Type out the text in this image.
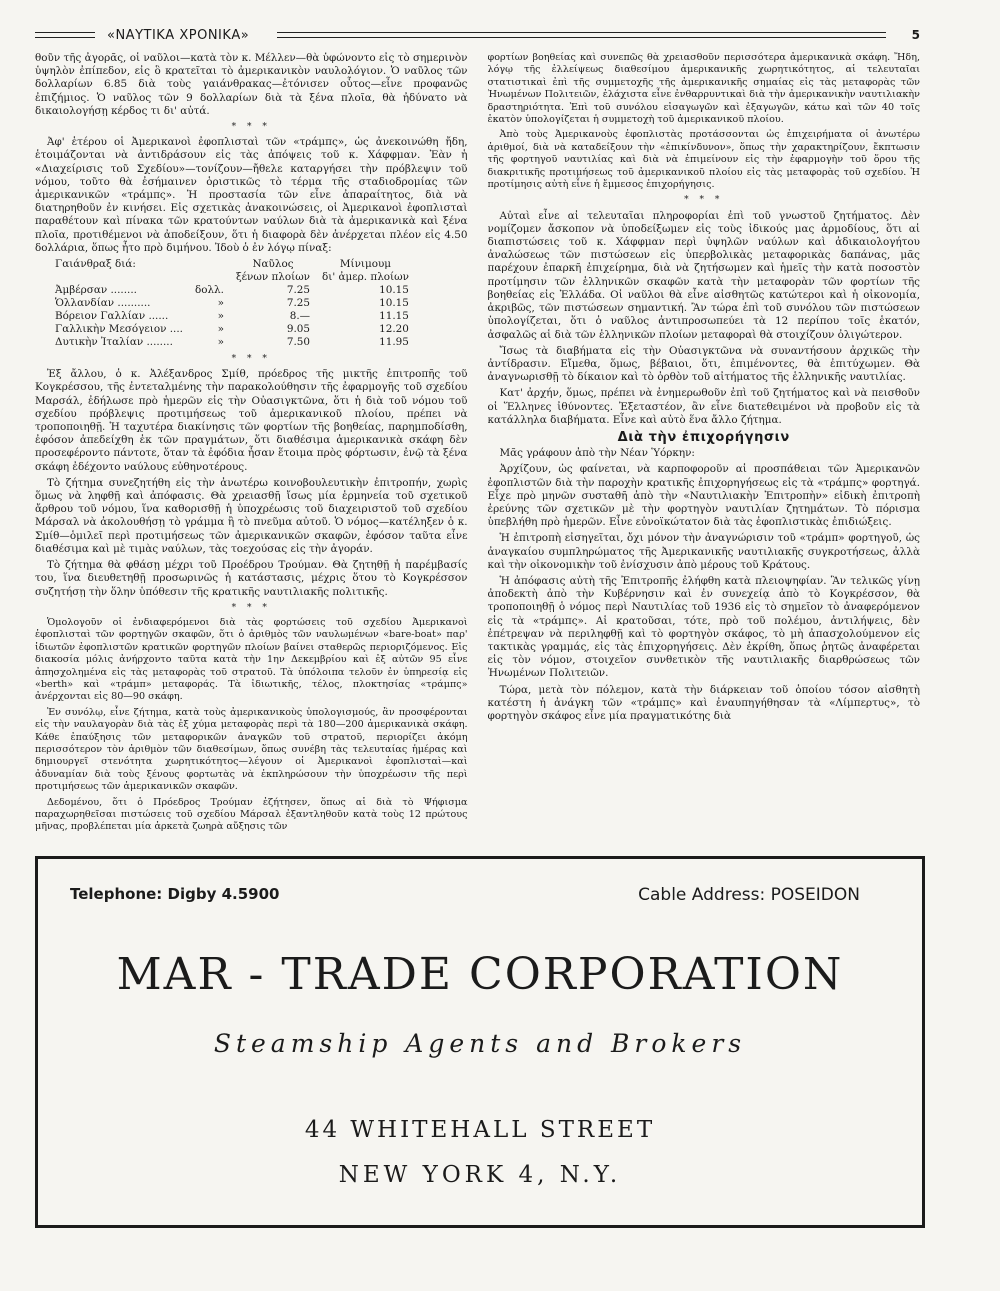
«ΝΑΥΤΙΚΑ ΧΡΟΝΙΚΑ»	5

θοῦν τῆς ἀγορᾶς, οἱ ναῦλοι—κατὰ τὸν κ. Μέλλεν—θὰ ὑφώνοντο εἰς τὸ σημερινὸν ὑψηλὸν ἐπίπεδον, εἰς ὃ κρατεῖται τὸ ἀμερικανικὸν ναυλολόγιον. Ὁ ναῦλος τῶν δολλαρίων 6.85 διὰ τοὺς γαιάνθρακας—ἐτόνισεν οὗτος—εἶνε προφανῶς ἐπιζήμιος. Ὁ ναῦλος τῶν 9 δολλαρίων διὰ τὰ ξένα πλοῖα, θὰ ἠδύνατο νὰ δικαιολογήσῃ κέρδος τι δι' αὐτά.

* * *

Ἀφ' ἑτέρου οἱ Ἀμερικανοὶ ἐφοπλισταὶ τῶν «τράμπς», ὡς ἀνεκοινώθη ἤδη, ἑτοιμάζονται νὰ ἀντιδράσουν εἰς τὰς ἀπόψεις τοῦ κ. Χάφφμαν. Ἐὰν ἡ «Διαχείρισις τοῦ Σχεδίου»—τονίζουν—ἤθελε καταργήσει τὴν πρόβλεψιν τοῦ νόμου, τοῦτο θὰ ἐσήμαινεν ὁριστικῶς τὸ τέρμα τῆς σταδιοδρομίας τῶν ἀμερικανικῶν «τράμπς». Ἡ προστασία τῶν εἶνε ἀπαραίτητος, διὰ νὰ διατηρηθοῦν ἐν κινήσει. Εἰς σχετικὰς ἀνακοινώσεις, οἱ Ἀμερικανοὶ ἐφοπλισταὶ παραθέτουν καὶ πίνακα τῶν κρατούντων ναύλων διὰ τὰ ἀμερικανικὰ καὶ ξένα πλοῖα, προτιθέμενοι νὰ ἀποδείξουν, ὅτι ἡ διαφορὰ δὲν ἀνέρχεται πλέον εἰς 4.50 δολλάρια, ὅπως ἦτο πρὸ διμήνου. Ἰδοὺ ὁ ἐν λόγῳ πίναξ:

Γαιάνθραξ διά:		Ναῦλος	Μίνιμουμ
		ξένων πλοίων	δι' ἀμερ. πλοίων
Ἀμβέρσαν ........	δολλ.	7.25	10.15
Ὁλλανδίαν ..........	»	7.25	10.15
Βόρειον Γαλλίαν ......	»	8.—	11.15
Γαλλικὴν Μεσόγειον ....	»	9.05	12.20
Δυτικὴν Ἰταλίαν ........	»	7.50	11.95
* * *

Ἐξ ἄλλου, ὁ κ. Ἀλέξανδρος Σμίθ, πρόεδρος τῆς μικτῆς ἐπιτροπῆς τοῦ Κογκρέσσου, τῆς ἐντεταλμένης τὴν παρακολούθησιν τῆς ἐφαρμογῆς τοῦ σχεδίου Μαρσάλ, ἐδήλωσε πρὸ ἡμερῶν εἰς τὴν Οὐασιγκτῶνα, ὅτι ἡ διὰ τοῦ νόμου τοῦ σχεδίου πρόβλεψις προτιμήσεως τοῦ ἀμερικανικοῦ πλοίου, πρέπει νὰ τροποποιηθῇ. Ἡ ταχυτέρα διακίνησις τῶν φορτίων τῆς βοηθείας, παρημποδίσθη, ἐφόσον ἀπεδείχθη ἐκ τῶν πραγμάτων, ὅτι διαθέσιμα ἀμερικανικὰ σκάφη δὲν προσεφέροντο πάντοτε, ὅταν τὰ ἐφόδια ἦσαν ἕτοιμα πρὸς φόρτωσιν, ἐνῷ τὰ ξένα σκάφη ἐδέχοντο ναύλους εὐθηνοτέρους.

Τὸ ζήτημα συνεζητήθη εἰς τὴν ἀνωτέρω κοινοβουλευτικὴν ἐπιτροπήν, χωρὶς ὅμως νὰ ληφθῇ καὶ ἀπόφασις. Θὰ χρειασθῇ ἴσως μία ἑρμηνεία τοῦ σχετικοῦ ἄρθρου τοῦ νόμου, ἵνα καθορισθῇ ἡ ὑποχρέωσις τοῦ διαχειριστοῦ τοῦ σχεδίου Μάρσαλ νὰ ἀκολουθήσῃ τὸ γράμμα ἢ τὸ πνεῦμα αὐτοῦ. Ὁ νόμος—κατέληξεν ὁ κ. Σμίθ—ὁμιλεῖ περὶ προτιμήσεως τῶν ἀμερικανικῶν σκαφῶν, ἐφόσον ταῦτα εἶνε διαθέσιμα καὶ μὲ τιμὰς ναύλων, τὰς τοεχούσας εἰς τὴν ἀγοράν.

Τὸ ζήτημα θὰ φθάσῃ μέχρι τοῦ Προέδρου Τρούμαν. Θὰ ζητηθῇ ἡ παρέμβασίς του, ἵνα διευθετηθῇ προσωρινῶς ἡ κατάστασις, μέχρις ὅτου τὸ Κογκρέσσον συζητήσῃ τὴν ὅλην ὑπόθεσιν τῆς κρατικῆς ναυτιλιακῆς πολιτικῆς.

* * *

Ὁμολογοῦν οἱ ἐνδιαφερόμενοι διὰ τὰς φορτώσεις τοῦ σχεδίου Ἀμερικανοὶ ἐφοπλισταὶ τῶν φορτηγῶν σκαφῶν, ὅτι ὁ ἀριθμὸς τῶν ναυλωμένων «bare-boat» παρ' ἰδιωτῶν ἐφοπλιστῶν κρατικῶν φορτηγῶν πλοίων βαίνει σταθερῶς περιοριζόμενος. Εἰς διακοσία μόλις ἀνήρχοντο ταῦτα κατὰ τὴν 1ην Δεκεμβρίου καὶ ἐξ αὐτῶν 95 εἶνε ἀπησχολημένα εἰς τὰς μεταφορὰς τοῦ στρατοῦ. Τὰ ὑπόλοιπα τελοῦν ἐν ὑπηρεσίᾳ εἰς «berth» καὶ «τράμπ» μεταφοράς. Τὰ ἰδιωτικῆς, τέλος, πλοκτησίας «τράμπς» ἀνέρχονται εἰς 80—90 σκάφη.

Ἐν συνόλῳ, εἶνε ζήτημα, κατὰ τοὺς ἀμερικανικοὺς ὑπολογισμούς, ἂν προσφέρονται εἰς τὴν ναυλαγορὰν διὰ τὰς ἐξ χύμα μεταφορὰς περὶ τὰ 180—200 ἀμερικανικὰ σκάφη. Κάθε ἐπαύξησις τῶν μεταφορικῶν ἀναγκῶν τοῦ στρατοῦ, περιορίζει ἀκόμη περισσότερον τὸν ἀριθμὸν τῶν διαθεσίμων, ὅπως συνέβη τὰς τελευταίας ἡμέρας καὶ δημιουργεῖ στενότητα χωρητικότητος—λέγουν οἱ Ἀμερικανοὶ ἐφοπλισταὶ—καὶ ἀδυναμίαν διὰ τοὺς ξένους φορτωτὰς νὰ ἐκπληρώσουν τὴν ὑποχρέωσιν τῆς περὶ προτιμήσεως τῶν ἀμερικανικῶν σκαφῶν.

Δεδομένου, ὅτι ὁ Πρόεδρος Τρούμαν ἐζήτησεν, ὅπως αἱ διὰ τὸ Ψήφισμα παραχωρηθεῖσαι πιστώσεις τοῦ σχεδίου Μάρσαλ ἐξαντληθοῦν κατὰ τοὺς 12 πρώτους μῆνας, προβλέπεται μία ἀρκετὰ ζωηρὰ αὔξησις τῶν

φορτίων βοηθείας καὶ συνεπῶς θὰ χρειασθοῦν περισσότερα ἀμερικανικὰ σκάφη. Ἤδη, λόγῳ τῆς ἐλλείψεως διαθεσίμου ἀμερικανικῆς χωρητικότητος, αἱ τελευταῖαι στατιστικαὶ ἐπὶ τῆς συμμετοχῆς τῆς ἀμερικανικῆς σημαίας εἰς τὰς μεταφορὰς τῶν Ἡνωμένων Πολιτειῶν, ἐλάχιστα εἶνε ἐνθαρρυντικαὶ διὰ τὴν ἀμερικανικὴν ναυτιλιακὴν δραστηριότητα. Ἐπὶ τοῦ συνόλου εἰσαγωγῶν καὶ ἐξαγωγῶν, κάτω καὶ τῶν 40 τοῖς ἑκατὸν ὑπολογίζεται ἡ συμμετοχὴ τοῦ ἀμερικανικοῦ πλοίου.

Ἀπὸ τοὺς Ἀμερικανοὺς ἐφοπλιστὰς προτάσσονται ὡς ἐπιχειρήματα οἱ ἀνωτέρω ἀριθμοί, διὰ νὰ καταδείξουν τὴν «ἐπικίνδυνον», ὅπως τὴν χαρακτηρίζουν, ἔκπτωσιν τῆς φορτηγοῦ ναυτιλίας καὶ διὰ νὰ ἐπιμείνουν εἰς τὴν ἐφαρμογὴν τοῦ ὅρου τῆς διακριτικῆς προτιμήσεως τοῦ ἀμερικανικοῦ πλοίου εἰς τὰς μεταφορὰς τοῦ σχεδίου. Ἡ προτίμησις αὐτὴ εἶνε ἡ ἔμμεσος ἐπιχορήγησις.

* * *

Αὐταὶ εἶνε αἱ τελευταῖαι πληροφορίαι ἐπὶ τοῦ γνωστοῦ ζητήματος. Δὲν νομίζομεν ἄσκοπον νὰ ὑποδείξωμεν εἰς τοὺς ἰδικούς μας ἁρμοδίους, ὅτι αἱ διαπιστώσεις τοῦ κ. Χάφφμαν περὶ ὑψηλῶν ναύλων καὶ ἀδικαιολογήτου ἀναλώσεως τῶν πιστώσεων εἰς ὑπερβολικὰς μεταφορικὰς δαπάνας, μᾶς παρέχουν ἐπαρκῆ ἐπιχείρημα, διὰ νὰ ζητήσωμεν καὶ ἡμεῖς τὴν κατὰ ποσοστὸν προτίμησιν τῶν ἑλληνικῶν σκαφῶν κατὰ τὴν μεταφορὰν τῶν φορτίων τῆς βοηθείας εἰς Ἑλλάδα. Οἱ ναῦλοι θὰ εἶνε αἰσθητῶς κατώτεροι καὶ ἡ οἰκονομία, ἀκριβῶς, τῶν πιστώσεων σημαντική. Ἂν τώρα ἐπὶ τοῦ συνόλου τῶν πιστώσεων ὑπολογίζεται, ὅτι ὁ ναῦλος ἀντιπροσωπεύει τὰ 12 περίπου τοῖς ἑκατόν, ἀσφαλῶς αἱ διὰ τῶν ἑλληνικῶν πλοίων μεταφοραὶ θὰ στοιχίζουν ὀλιγώτερον.

Ἴσως τὰ διαβήματα εἰς τὴν Οὐασιγκτῶνα νὰ συναντήσουν ἀρχικῶς τὴν ἀντίδρασιν. Εἴμεθα, ὅμως, βέβαιοι, ὅτι, ἐπιμένοντες, θὰ ἐπιτύχωμεν. Θὰ ἀναγνωρισθῇ τὸ δίκαιον καὶ τὸ ὀρθὸν τοῦ αἰτήματος τῆς ἑλληνικῆς ναυτιλίας.

Κατ' ἀρχήν, ὅμως, πρέπει νὰ ἐνημερωθοῦν ἐπὶ τοῦ ζητήματος καὶ νὰ πεισθοῦν οἱ Ἕλληνες ἰθύνοντες. Ἐξεταστέον, ἂν εἶνε διατεθειμένοι νὰ προβοῦν εἰς τὰ κατάλληλα διαβήματα. Εἶνε καὶ αὐτὸ ἕνα ἄλλο ζήτημα.

Διὰ τὴν ἐπιχορήγησιν

Μᾶς γράφουν ἀπὸ τὴν Νέαν Ὑόρκην:

Ἀρχίζουν, ὡς φαίνεται, νὰ καρποφοροῦν αἱ προσπάθειαι τῶν Ἀμερικανῶν ἐφοπλιστῶν διὰ τὴν παροχὴν κρατικῆς ἐπιχορηγήσεως εἰς τὰ «τράμπς» φορτηγά. Εἶχε πρὸ μηνῶν συσταθῆ ἀπὸ τὴν «Ναυτιλιακὴν Ἐπιτροπὴν» εἰδικὴ ἐπιτροπὴ ἐρεύνης τῶν σχετικῶν μὲ τὴν φορτηγὸν ναυτιλίαν ζητημάτων. Τὸ πόρισμα ὑπεβλήθη πρὸ ἡμερῶν. Εἶνε εὐνοϊκώτατον διὰ τὰς ἐφοπλιστικὰς ἐπιδιώξεις.

Ἡ ἐπιτροπὴ εἰσηγεῖται, ὄχι μόνον τὴν ἀναγνώρισιν τοῦ «τράμπ» φορτηγοῦ, ὡς ἀναγκαίου συμπληρώματος τῆς Ἀμερικανικῆς ναυτιλιακῆς συγκροτήσεως, ἀλλὰ καὶ τὴν οἰκονομικὴν τοῦ ἐνίσχυσιν ἀπὸ μέρους τοῦ Κράτους.

Ἡ ἀπόφασις αὐτὴ τῆς Ἐπιτροπῆς ἐλήφθη κατὰ πλειοψηφίαν. Ἂν τελικῶς γίνῃ ἀποδεκτὴ ἀπὸ τὴν Κυβέρνησιν καὶ ἐν συνεχείᾳ ἀπὸ τὸ Κογκρέσσον, θὰ τροποποιηθῇ ὁ νόμος περὶ Ναυτιλίας τοῦ 1936 εἰς τὸ σημεῖον τὸ ἀναφερόμενον εἰς τὰ «τράμπς». Αἱ κρατοῦσαι, τότε, πρὸ τοῦ πολέμου, ἀντιλήψεις, δὲν ἐπέτρεψαν νὰ περιληφθῇ καὶ τὸ φορτηγὸν σκάφος, τὸ μὴ ἀπασχολούμενον εἰς τακτικὰς γραμμάς, εἰς τὰς ἐπιχορηγήσεις. Δὲν ἐκρίθη, ὅπως ῥητῶς ἀναφέρεται εἰς τὸν νόμον, στοιχεῖον συνθετικὸν τῆς ναυτιλιακῆς διαρθρώσεως τῶν Ἡνωμένων Πολιτειῶν.

Τώρα, μετὰ τὸν πόλεμον, κατὰ τὴν διάρκειαν τοῦ ὁποίου τόσον αἰσθητὴ κατέστη ἡ ἀνάγκη τῶν «τράμπς» καὶ ἐναυπηγήθησαν τὰ «Λίμπερτυς», τὸ φορτηγὸν σκάφος εἶνε μία πραγματικότης διὰ

Telephone: Digby 4.5900	Cable Address: POSEIDON
MAR - TRADE CORPORATION
Steamship Agents and Brokers
44 WHITEHALL STREET
NEW YORK 4, N.Y.
